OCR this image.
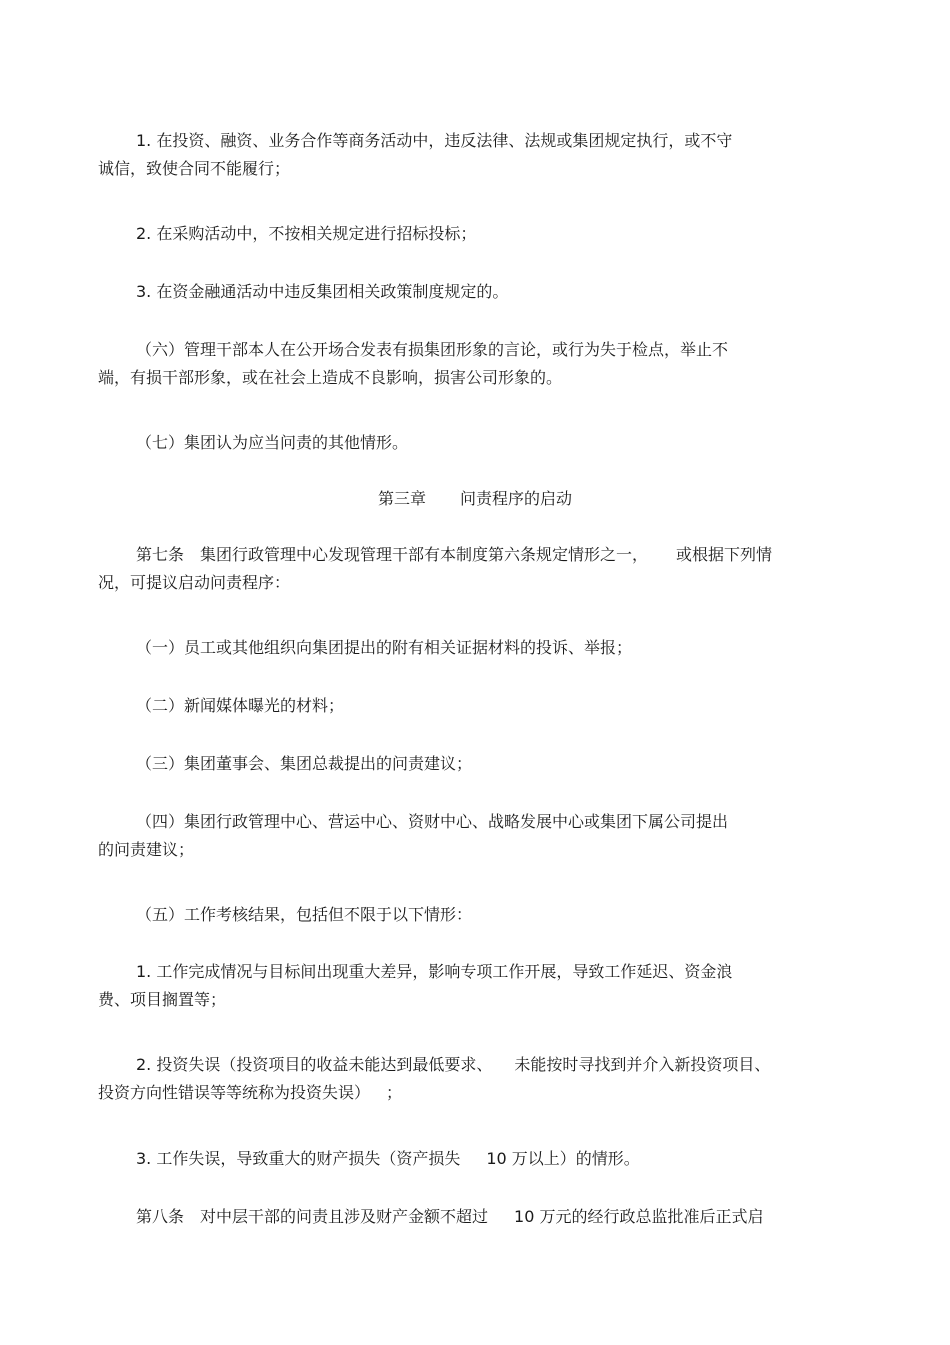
1. 在投资、融资、业务合作等商务活动中，违反法律、法规或集团规定执行，或不守
诚信，致使合同不能履行；

2. 在采购活动中，不按相关规定进行招标投标；

3. 在资金融通活动中违反集团相关政策制度规定的。

（六）管理干部本人在公开场合发表有损集团形象的言论，或行为失于检点，举止不
端，有损干部形象，或在社会上造成不良影响，损害公司形象的。

（七）集团认为应当问责的其他情形。

第三章 问责程序的启动

第七条　集团行政管理中心发现管理干部有本制度第六条规定情形之一， 或根据下列情
况，可提议启动问责程序：

（一）员工或其他组织向集团提出的附有相关证据材料的投诉、举报；

（二）新闻媒体曝光的材料；

（三）集团董事会、集团总裁提出的问责建议；

（四）集团行政管理中心、营运中心、资财中心、战略发展中心或集团下属公司提出
的问责建议；

（五）工作考核结果，包括但不限于以下情形：

1. 工作完成情况与目标间出现重大差异，影响专项工作开展，导致工作延迟、资金浪
费、项目搁置等；

2. 投资失误（投资项目的收益未能达到最低要求、 未能按时寻找到并介入新投资项目、
投资方向性错误等等统称为投资失误） ；

3. 工作失误，导致重大的财产损失（资产损失 10 万以上）的情形。

第八条　对中层干部的问责且涉及财产金额不超过 10 万元的经行政总监批准后正式启
